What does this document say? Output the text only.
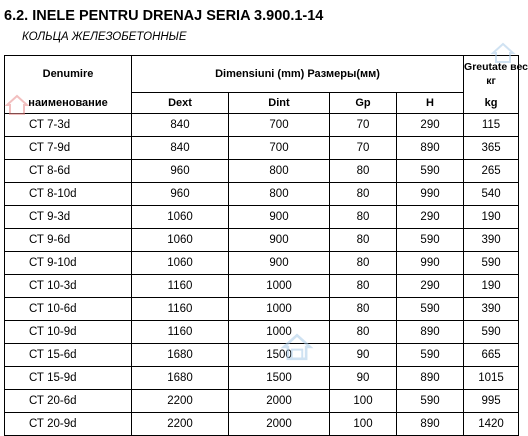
6.2. INELE PENTRU DRENAJ SERIA 3.900.1-14
КОЛЬЦА ЖЕЛЕЗОБЕТОННЫЕ
Denumire	Dimensiuni (mm) Размеры(мм)				Greutate вес
кг
наименование	Dext	Dint	Gp	H	kg
СТ 7-3d	840	700	70	290	115
СТ 7-9d	840	700	70	890	365
СТ 8-6d	960	800	80	590	265
СТ 8-10d	960	800	80	990	540
СТ 9-3d	1060	900	80	290	190
СТ 9-6d	1060	900	80	590	390
СТ 9-10d	1060	900	80	990	590
СТ 10-3d	1160	1000	80	290	190
СТ 10-6d	1160	1000	80	590	390
СТ 10-9d	1160	1000	80	890	590
СТ 15-6d	1680	1500	90	590	665
СТ 15-9d	1680	1500	90	890	1015
СТ 20-6d	2200	2000	100	590	995
СТ 20-9d	2200	2000	100	890	1420
